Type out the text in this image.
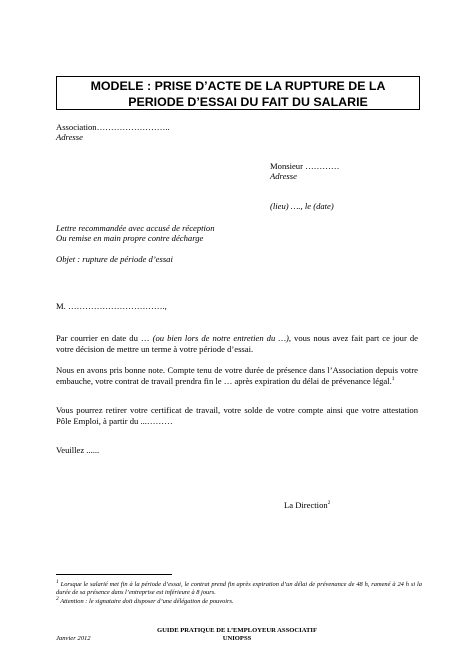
MODELE : PRISE D’ACTE DE LA RUPTURE DE LA
PERIODE D’ESSAI DU FAIT DU SALARIE
Association……………………..
Adresse
Monsieur …………
Adresse
(lieu) …., le (date)
Lettre recommandée avec accusé de réception
Ou remise en main propre contre décharge
Objet : rupture de période d’essai
M. …………………………….,
Par courrier en date du … (ou bien lors de notre entretien du …), vous nous avez fait part ce jour de votre décision de mettre un terme à votre période d’essai.
Nous en avons pris bonne note. Compte tenu de votre durée de présence dans l’Association depuis votre embauche, votre contrat de travail prendra fin le … après expiration du délai de prévenance légal.$^1$
Vous pourrez retirer votre certificat de travail, votre solde de votre compte ainsi que votre attestation Pôle Emploi, à partir du ...………
Veuillez ......
La Direction$^2$
1 Lorsque le salarié met fin à la période d’essai, le contrat prend fin après expiration d’un délai de prévenance de 48 h, ramené à 24 h si la durée de sa présence dans l’entreprise est inférieure à 8 jours.
2 Attention : le signataire doit disposer d’une délégation de pouvoirs.
GUIDE PRATIQUE DE L’EMPLOYEUR ASSOCIATIF
UNIOPSS
Janvier 2012
